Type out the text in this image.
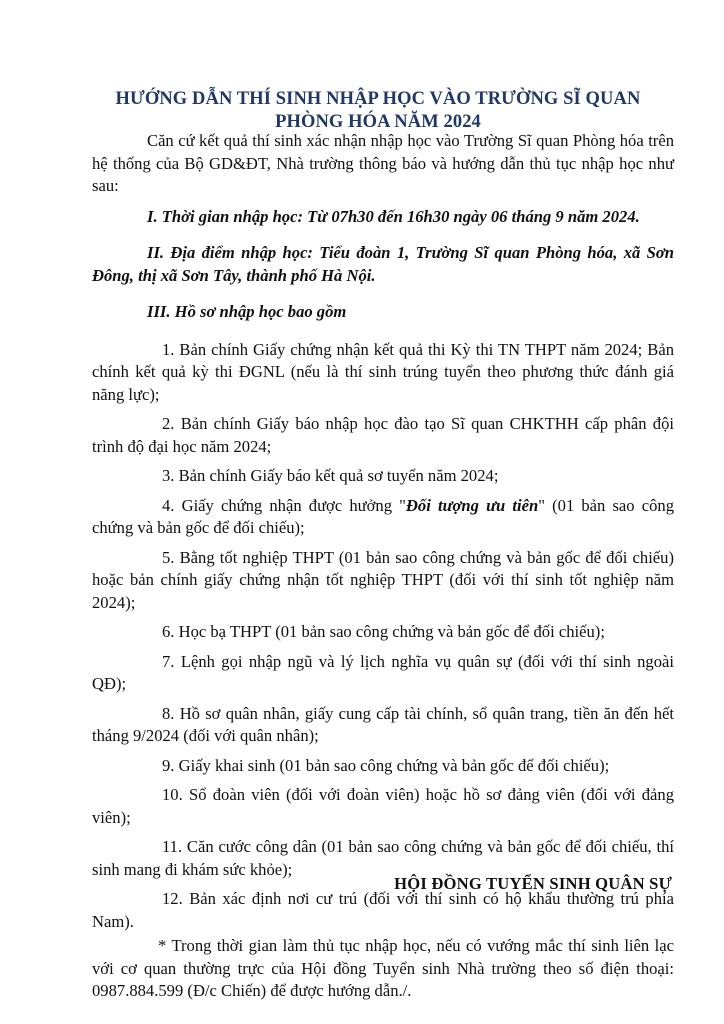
HƯỚNG DẪN THÍ SINH NHẬP HỌC VÀO TRƯỜNG SĨ QUAN
PHÒNG HÓA NĂM 2024

Căn cứ kết quả thí sinh xác nhận nhập học vào Trường Sĩ quan Phòng hóa trên hệ thống của Bộ GD&ĐT, Nhà trường thông báo và hướng dẫn thủ tục nhập học như sau:

I. Thời gian nhập học: Từ 07h30 đến 16h30 ngày 06 tháng 9 năm 2024.

II. Địa điểm nhập học: Tiểu đoàn 1, Trường Sĩ quan Phòng hóa, xã Sơn Đông, thị xã Sơn Tây, thành phố Hà Nội.

III. Hồ sơ nhập học bao gồm

1. Bản chính Giấy chứng nhận kết quả thi Kỳ thi TN THPT năm 2024; Bản chính kết quả kỳ thi ĐGNL (nếu là thí sinh trúng tuyển theo phương thức đánh giá năng lực);

2. Bản chính Giấy báo nhập học đào tạo Sĩ quan CHKTHH cấp phân đội trình độ đại học năm 2024;

3. Bản chính Giấy báo kết quả sơ tuyển năm 2024;

4. Giấy chứng nhận được hưởng "Đối tượng ưu tiên" (01 bản sao công chứng và bản gốc để đối chiếu);

5. Bằng tốt nghiệp THPT (01 bản sao công chứng và bản gốc để đối chiếu) hoặc bản chính giấy chứng nhận tốt nghiệp THPT (đối với thí sinh tốt nghiệp năm 2024);

6. Học bạ THPT (01 bản sao công chứng và bản gốc để đối chiếu);

7. Lệnh gọi nhập ngũ và lý lịch nghĩa vụ quân sự (đối với thí sinh ngoài QĐ);

8. Hồ sơ quân nhân, giấy cung cấp tài chính, sổ quân trang, tiền ăn đến hết tháng 9/2024 (đối với quân nhân);

9. Giấy khai sinh (01 bản sao công chứng và bản gốc để đối chiếu);

10. Sổ đoàn viên (đối với đoàn viên) hoặc hồ sơ đảng viên (đối với đảng viên);

11. Căn cước công dân (01 bản sao công chứng và bản gốc để đối chiếu, thí sinh mang đi khám sức khỏe);

12. Bản xác định nơi cư trú (đối với thí sinh có hộ khẩu thường trú phía Nam).

* Trong thời gian làm thủ tục nhập học, nếu có vướng mắc thí sinh liên lạc với cơ quan thường trực của Hội đồng Tuyển sinh Nhà trường theo số điện thoại: 0987.884.599 (Đ/c Chiến) để được hướng dẫn./.

HỘI ĐỒNG TUYỂN SINH QUÂN SỰ
